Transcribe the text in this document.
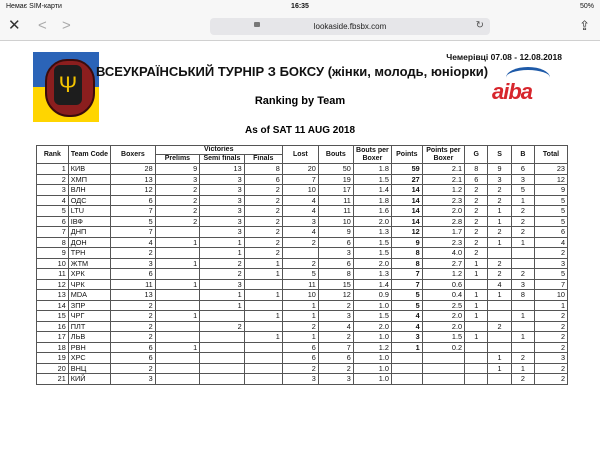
Немає SIM-карти	16:35	50%
✕ < >	lookaside.fbsbx.com	↻	⇪
Ψ
Чемерівці 07.08 - 12.08.2018
ВСЕУКРАЇНСЬКИЙ ТУРНІР З БОКСУ (жінки, молодь, юніорки)
aiba
Ranking by Team
As of SAT 11 AUG 2018
Rank	Team Code	Boxers	Victories			Lost	Bouts	Bouts per Boxer	Points	Points per Boxer	G	S	B	Total
			Prelims	Semi finals	Finals									
1	КИВ	28	9	13	8	20	50	1.8	59	2.1	8	9	6	23
2	ХМП	13	3	3	6	7	19	1.5	27	2.1	6	3	3	12
3	ВЛН	12	2	3	2	10	17	1.4	14	1.2	2	2	5	9
4	ОДС	6	2	3	2	4	11	1.8	14	2.3	2	2	1	5
5	LTU	7	2	3	2	4	11	1.6	14	2.0	2	1	2	5
6	ІВФ	5	2	3	2	3	10	2.0	14	2.8	2	1	2	5
7	ДНП	7		3	2	4	9	1.3	12	1.7	2	2	2	6
8	ДОН	4	1	1	2	2	6	1.5	9	2.3	2	1	1	4
9	ТРН	2		1	2		3	1.5	8	4.0	2			2
10	ЖТМ	3	1	2	1	2	6	2.0	8	2.7	1	2		3
11	ХРК	6		2	1	5	8	1.3	7	1.2	1	2	2	5
12	ЧРК	11	1	3		11	15	1.4	7	0.6		4	3	7
13	MDA	13		1	1	10	12	0.9	5	0.4	1	1	8	10
14	ЗПР	2		1		1	2	1.0	5	2.5	1			1
15	ЧРГ	2	1		1	1	3	1.5	4	2.0	1		1	2
16	ПЛТ	2		2		2	4	2.0	4	2.0		2		2
17	ЛЬВ	2			1	1	2	1.0	3	1.5	1		1	2
18	РВН	6	1			6	7	1.2	1	0.2				2
19	ХРС	6				6	6	1.0				1	2	3
20	ВНЦ	2				2	2	1.0				1	1	2
21	КИЙ	3				3	3	1.0					2	2
